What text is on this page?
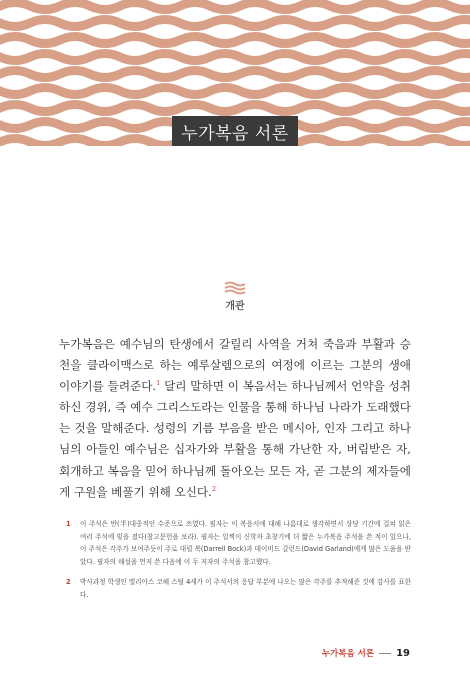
누가복음 서론
개관
누가복음은 예수님의 탄생에서 갈릴리 사역을 거쳐 죽음과 부활과 승천을 클라이맥스로 하는 예루살렘으로의 여정에 이르는 그분의 생애 이야기를 들려준다.$^1$ 달리 말하면 이 복음서는 하나님께서 언약을 성취하신 경위, 즉 예수 그리스도라는 인물을 통해 하나님 나라가 도래했다는 것을 말해준다. 성령의 기름 부음을 받은 메시아, 인자 그리고 하나님의 아들인 예수님은 십자가와 부활을 통해 가난한 자, 버림받은 자, 회개하고 복음을 믿어 하나님께 돌아오는 모든 자, 곧 그분의 제자들에게 구원을 베풀기 위해 오신다.$^2$
1	이 주석은 반(半)대중적인 수준으로 쓰였다. 필자는 이 복음서에 대해 나름대로 생각하면서 상당 기간에 걸쳐 읽은 여러 주석에 빚을 졌다(참고문헌을 보라). 필자는 일찍이 신학자 초창기에 더 짧은 누가복음 주석을 쓴 적이 있으나, 이 주석은 각주가 보여주듯이 주로 대럴 복(Darrell Bock)과 데이비드 갈런드(David Garland)에게 많은 도움을 받았다. 필자의 해설을 먼저 쓴 다음에 이 두 저자의 주석을 참고했다.
2	박사과정 학생인 엘리아스 코헤 스털 4세가 이 주석서의 응답 부분에 나오는 많은 각주를 추적해준 것에 감사를 표한다.
누가복음 서론 19
